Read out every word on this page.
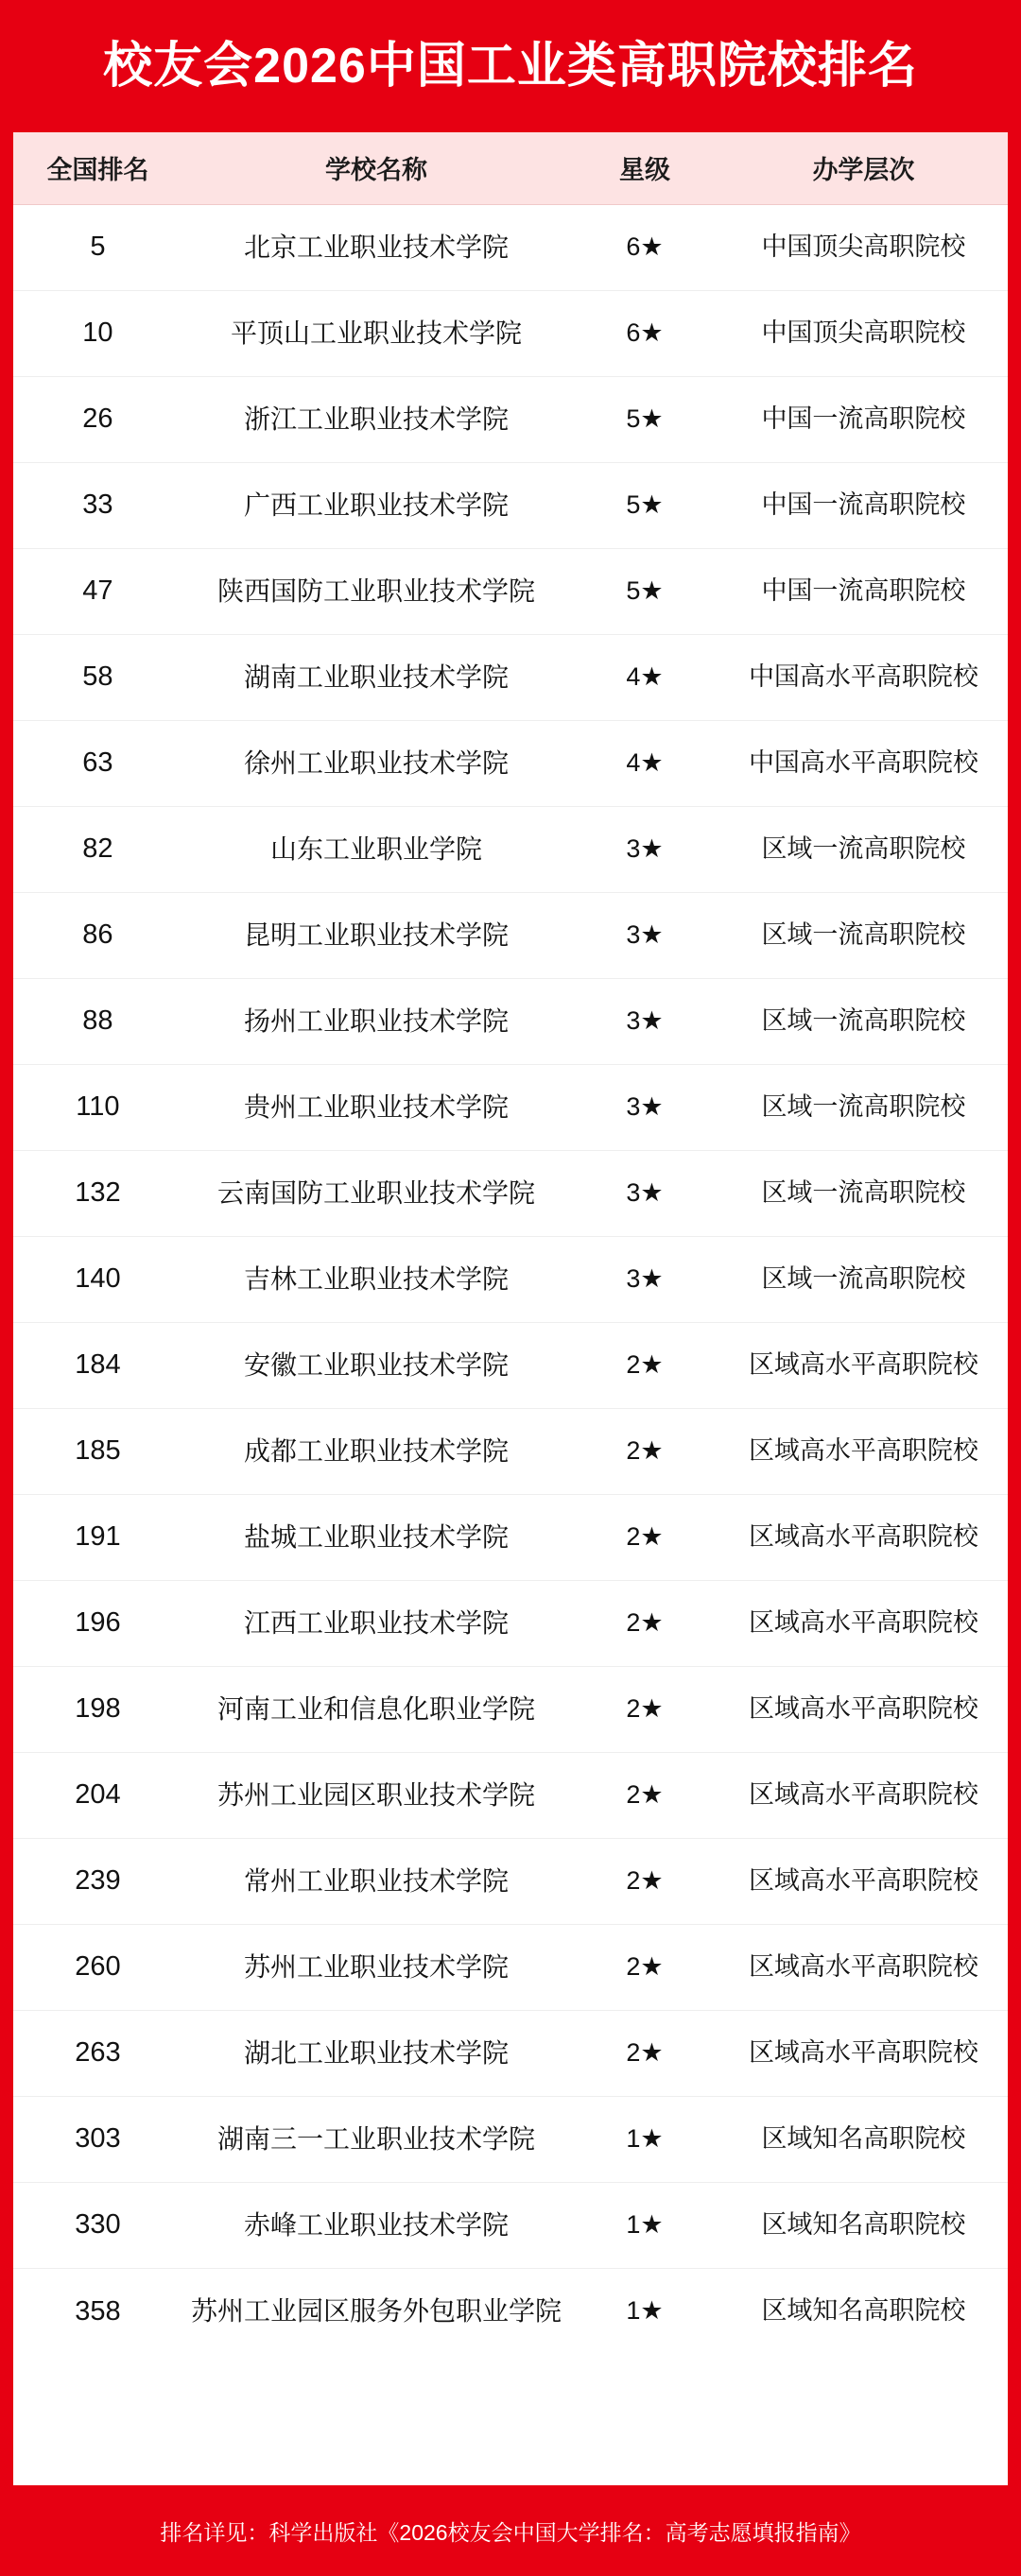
校友会2026中国工业类高职院校排名
全国排名	学校名称	星级	办学层次
5	北京工业职业技术学院	6★	中国顶尖高职院校
10	平顶山工业职业技术学院	6★	中国顶尖高职院校
26	浙江工业职业技术学院	5★	中国一流高职院校
33	广西工业职业技术学院	5★	中国一流高职院校
47	陕西国防工业职业技术学院	5★	中国一流高职院校
58	湖南工业职业技术学院	4★	中国高水平高职院校
63	徐州工业职业技术学院	4★	中国高水平高职院校
82	山东工业职业学院	3★	区域一流高职院校
86	昆明工业职业技术学院	3★	区域一流高职院校
88	扬州工业职业技术学院	3★	区域一流高职院校
110	贵州工业职业技术学院	3★	区域一流高职院校
132	云南国防工业职业技术学院	3★	区域一流高职院校
140	吉林工业职业技术学院	3★	区域一流高职院校
184	安徽工业职业技术学院	2★	区域高水平高职院校
185	成都工业职业技术学院	2★	区域高水平高职院校
191	盐城工业职业技术学院	2★	区域高水平高职院校
196	江西工业职业技术学院	2★	区域高水平高职院校
198	河南工业和信息化职业学院	2★	区域高水平高职院校
204	苏州工业园区职业技术学院	2★	区域高水平高职院校
239	常州工业职业技术学院	2★	区域高水平高职院校
260	苏州工业职业技术学院	2★	区域高水平高职院校
263	湖北工业职业技术学院	2★	区域高水平高职院校
303	湖南三一工业职业技术学院	1★	区域知名高职院校
330	赤峰工业职业技术学院	1★	区域知名高职院校
358	苏州工业园区服务外包职业学院	1★	区域知名高职院校
排名详见：科学出版社《2026校友会中国大学排名：高考志愿填报指南》
